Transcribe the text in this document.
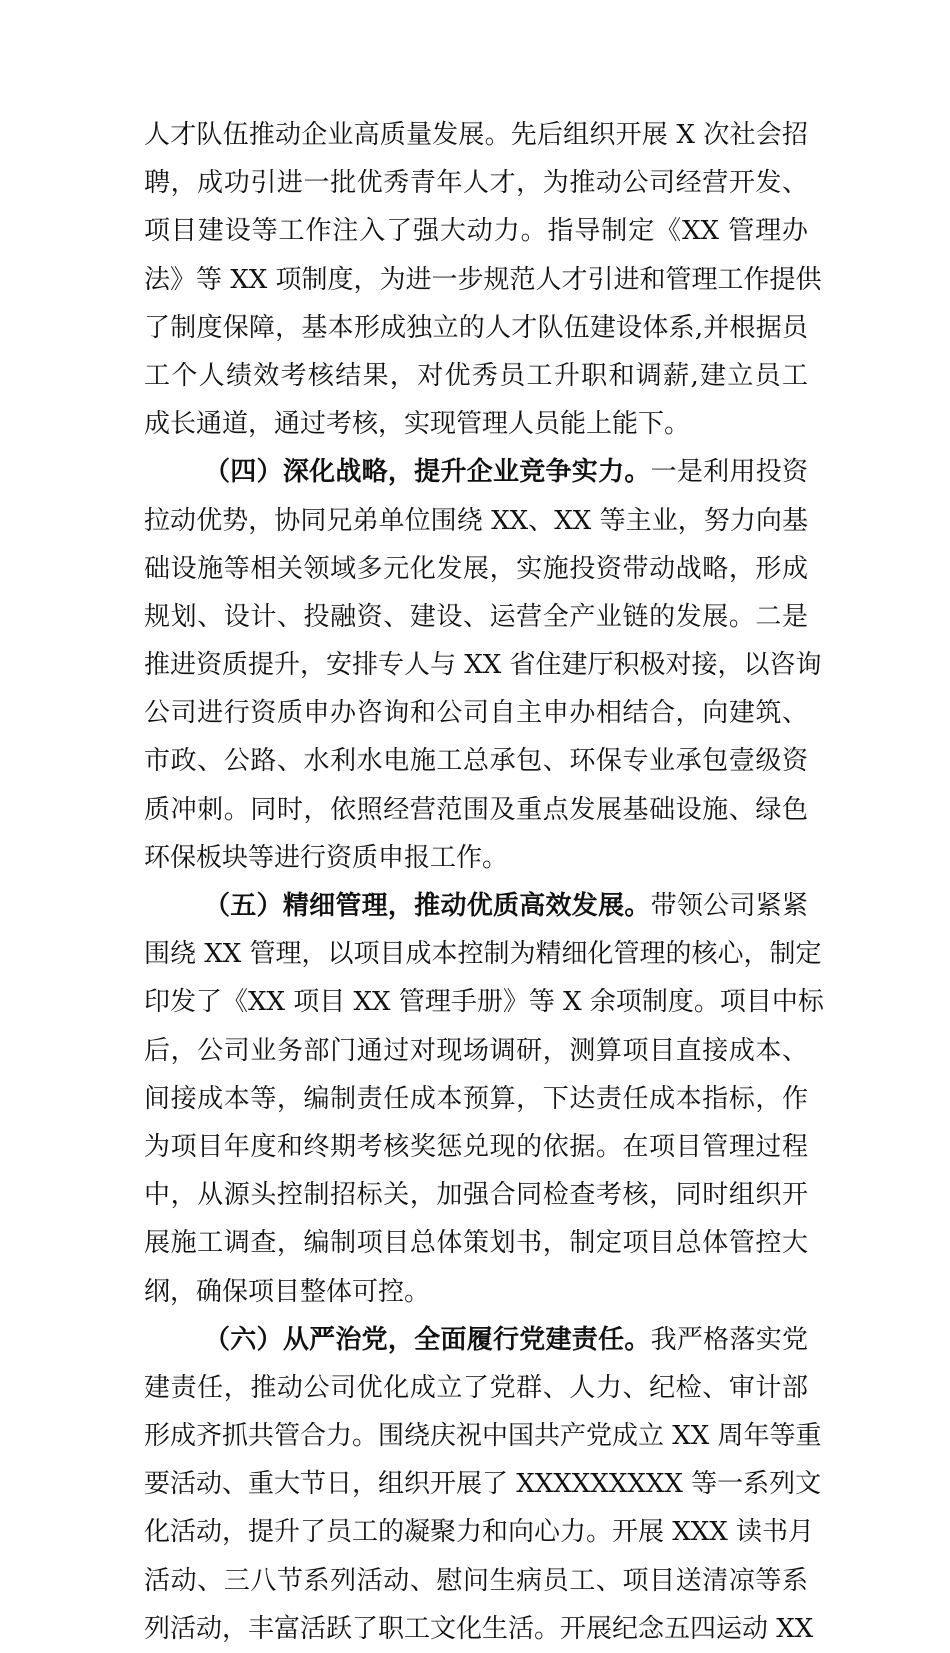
人才队伍推动企业高质量发展。先后组织开展 X 次社会招
聘，成功引进一批优秀青年人才，为推动公司经营开发、
项目建设等工作注入了强大动力。指导制定《XX 管理办
法》等 XX 项制度，为进一步规范人才引进和管理工作提供
了制度保障，基本形成独立的人才队伍建设体系,并根据员
工个人绩效考核结果，对优秀员工升职和调薪,建立员工
成长通道，通过考核，实现管理人员能上能下。
（四）深化战略，提升企业竞争实力。一是利用投资
拉动优势，协同兄弟单位围绕 XX、XX 等主业，努力向基
础设施等相关领域多元化发展，实施投资带动战略，形成
规划、设计、投融资、建设、运营全产业链的发展。二是
推进资质提升，安排专人与 XX 省住建厅积极对接，以咨询
公司进行资质申办咨询和公司自主申办相结合，向建筑、
市政、公路、水利水电施工总承包、环保专业承包壹级资
质冲刺。同时，依照经营范围及重点发展基础设施、绿色
环保板块等进行资质申报工作。
（五）精细管理，推动优质高效发展。带领公司紧紧
围绕 XX 管理，以项目成本控制为精细化管理的核心，制定
印发了《XX 项目 XX 管理手册》等 X 余项制度。项目中标
后，公司业务部门通过对现场调研，测算项目直接成本、
间接成本等，编制责任成本预算，下达责任成本指标，作
为项目年度和终期考核奖惩兑现的依据。在项目管理过程
中，从源头控制招标关，加强合同检查考核，同时组织开
展施工调查，编制项目总体策划书，制定项目总体管控大
纲，确保项目整体可控。
（六）从严治党，全面履行党建责任。我严格落实党
建责任，推动公司优化成立了党群、人力、纪检、审计部
形成齐抓共管合力。围绕庆祝中国共产党成立 XX 周年等重
要活动、重大节日，组织开展了 XXXXXXXXX 等一系列文
化活动，提升了员工的凝聚力和向心力。开展 XXX 读书月
活动、三八节系列活动、慰问生病员工、项目送清凉等系
列活动，丰富活跃了职工文化生活。开展纪念五四运动 XX
